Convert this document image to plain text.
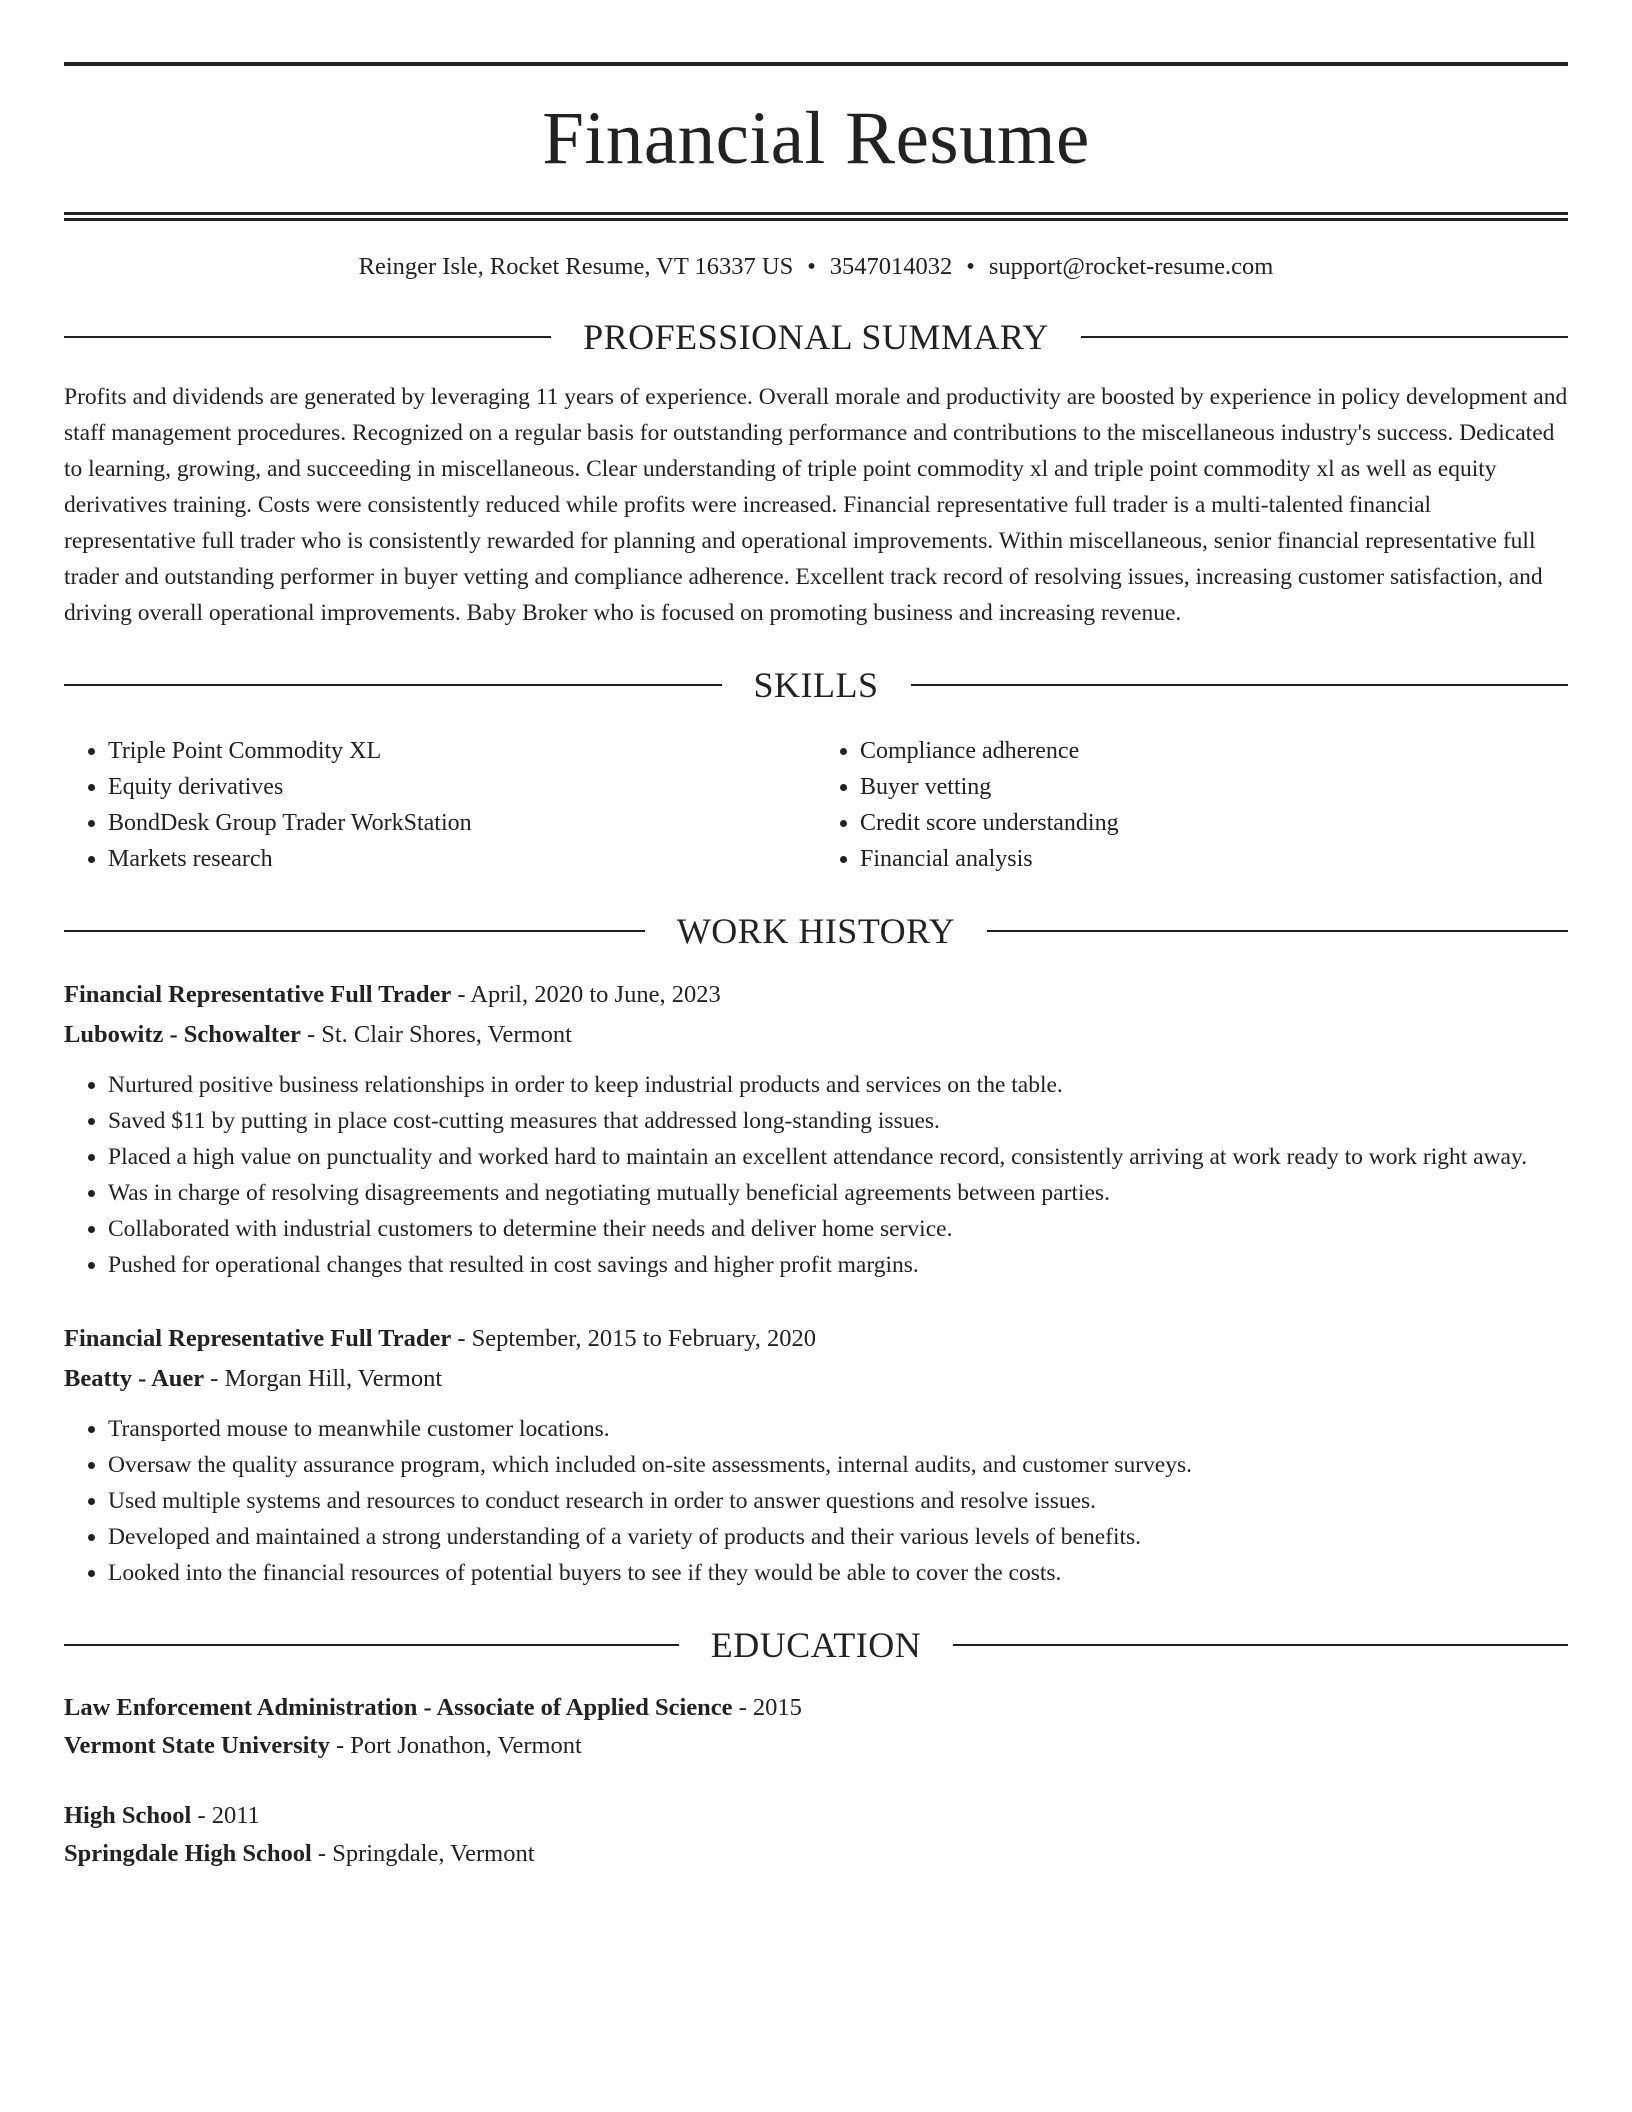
Financial Resume
Reinger Isle, Rocket Resume, VT 16337 US • 3547014032 • support@rocket-resume.com
PROFESSIONAL SUMMARY
Profits and dividends are generated by leveraging 11 years of experience. Overall morale and productivity are boosted by experience in policy development and staff management procedures. Recognized on a regular basis for outstanding performance and contributions to the miscellaneous industry's success. Dedicated to learning, growing, and succeeding in miscellaneous. Clear understanding of triple point commodity xl and triple point commodity xl as well as equity derivatives training. Costs were consistently reduced while profits were increased. Financial representative full trader is a multi-talented financial representative full trader who is consistently rewarded for planning and operational improvements. Within miscellaneous, senior financial representative full trader and outstanding performer in buyer vetting and compliance adherence. Excellent track record of resolving issues, increasing customer satisfaction, and driving overall operational improvements. Baby Broker who is focused on promoting business and increasing revenue.
SKILLS
• Triple Point Commodity XL
• Equity derivatives
• BondDesk Group Trader WorkStation
• Markets research
• Compliance adherence
• Buyer vetting
• Credit score understanding
• Financial analysis
WORK HISTORY
Financial Representative Full Trader - April, 2020 to June, 2023
Lubowitz - Schowalter - St. Clair Shores, Vermont
• Nurtured positive business relationships in order to keep industrial products and services on the table.
• Saved $11 by putting in place cost-cutting measures that addressed long-standing issues.
• Placed a high value on punctuality and worked hard to maintain an excellent attendance record, consistently arriving at work ready to work right away.
• Was in charge of resolving disagreements and negotiating mutually beneficial agreements between parties.
• Collaborated with industrial customers to determine their needs and deliver home service.
• Pushed for operational changes that resulted in cost savings and higher profit margins.
Financial Representative Full Trader - September, 2015 to February, 2020
Beatty - Auer - Morgan Hill, Vermont
• Transported mouse to meanwhile customer locations.
• Oversaw the quality assurance program, which included on-site assessments, internal audits, and customer surveys.
• Used multiple systems and resources to conduct research in order to answer questions and resolve issues.
• Developed and maintained a strong understanding of a variety of products and their various levels of benefits.
• Looked into the financial resources of potential buyers to see if they would be able to cover the costs.
EDUCATION
Law Enforcement Administration - Associate of Applied Science - 2015
Vermont State University - Port Jonathon, Vermont
High School - 2011
Springdale High School - Springdale, Vermont
